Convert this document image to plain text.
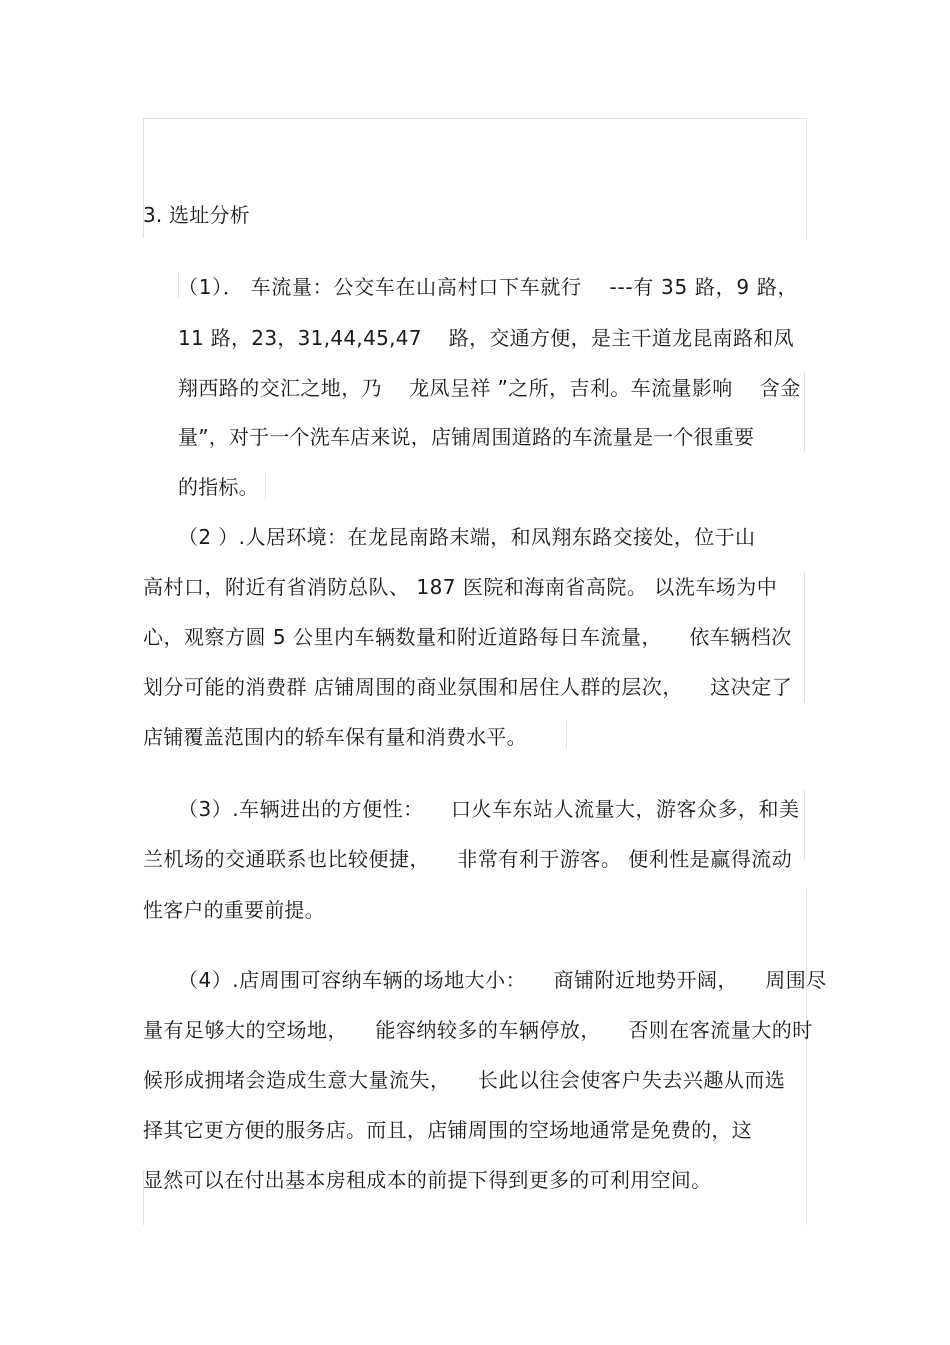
3. 选址分析
（1）． 车流量：公交车在山高村口下车就行 　---有 35 路，9 路，
11 路，23，31,44,45,47 　路，交通方便，是主干道龙昆南路和凤
翔西路的交汇之地，乃 　龙凤呈祥 ”之所，吉利。车流量影响 　含金
量”，对于一个洗车店来说，店铺周围道路的车流量是一个很重要
的指标。
（2 ）.人居环境：在龙昆南路末端，和凤翔东路交接处，位于山
高村口，附近有省消防总队、 187 医院和海南省高院。 以洗车场为中
心，观察方圆 5 公里内车辆数量和附近道路每日车流量， 　依车辆档次
划分可能的消费群 店铺周围的商业氛围和居住人群的层次， 　这决定了
店铺覆盖范围内的轿车保有量和消费水平。
（3）.车辆进出的方便性： 　口火车东站人流量大，游客众多，和美
兰机场的交通联系也比较便捷， 　非常有利于游客。 便利性是赢得流动
性客户的重要前提。
（4）.店周围可容纳车辆的场地大小： 　商铺附近地势开阔， 　周围尽
量有足够大的空场地， 　能容纳较多的车辆停放， 　否则在客流量大的时
候形成拥堵会造成生意大量流失， 　长此以往会使客户失去兴趣从而选
择其它更方便的服务店。而且，店铺周围的空场地通常是免费的，这
显然可以在付出基本房租成本的前提下得到更多的可利用空间。
